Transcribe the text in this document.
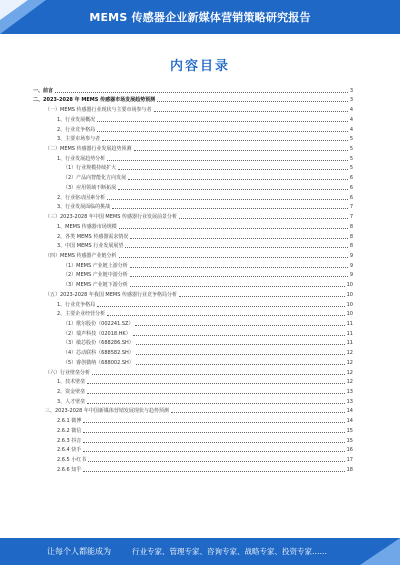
MEMS 传感器企业新媒体营销策略研究报告
内容目录
一、前言	3
二、2023-2028 年 MEMS 传感器市场发展趋势预测	3
（一）MEMS 传感器行业现状与主要市场参与者	4
1、行业发展概况	4
2、行业竞争格局	4
3、主要市场参与者	5
（二）MEMS 传感器行业发展趋势预测	5
1、行业发展趋势分析	5
（1）行业规模持续扩大	5
（2）产品向智能化方向发展	6
（3）应用领域不断拓展	6
2、行业驱动因素分析	6
3、行业发展面临的挑战	7
（三）2023-2028 年中国 MEMS 传感器行业发展前景分析	7
1、MEMS 传感器市场规模	8
2、各类 MEMS 传感器需求情况	8
3、中国 MEMS 行业发展展望	8
（四）MEMS 传感器产业链分析	9
（1）MEMS 产业链上游分析	9
（2）MEMS 产业链中游分析	9
（3）MEMS 产业链下游分析	10
（五）2023-2028 年我国 MEMS 传感器行业竞争格局分析	10
1、行业竞争格局	10
2、主要企业经营分析	10
（1）歌尔股份（002241.SZ）	11
（2）瑞声科技（02018.HK）	11
（3）敏芯股份（688286.SH）	11
（4）芯动联科（688582.SH）	12
（5）睿创微纳（688002.SH）	12
（六）行业壁垒分析	12
1、技术壁垒	12
2、资金壁垒	13
3、人才壁垒	13
三、2023-2028 年中国新媒体营销发展现状与趋势预测	14
2.6.1 微博	14
2.6.2 微信	15
2.6.3 抖音	15
2.6.4 快手	16
2.6.5 小红书	17
2.6.6 知乎	18
让每个人都能成为	行业专家、管理专家、咨询专家、战略专家、投资专家……
